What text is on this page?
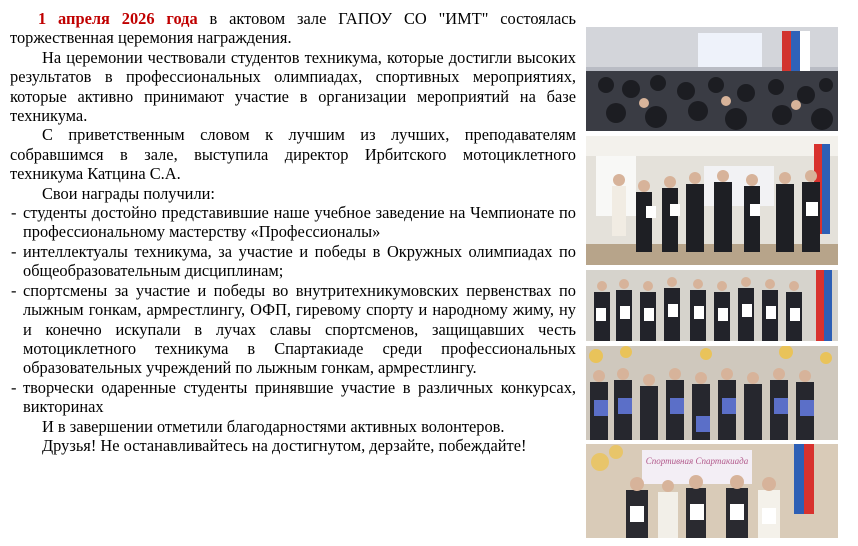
1 апреля 2026 года в актовом зале ГАПОУ СО "ИМТ" состоялась торжественная церемония награждения.

На церемонии чествовали студентов техникума, которые достигли высоких результатов в профессиональных олимпиадах, спортивных мероприятиях, которые активно принимают участие в организации мероприятий на базе техникума.

С приветственным словом к лучшим из лучших, преподавателям собравшимся в зале, выступила директор Ирбитского мотоциклетного техникума Катцина С.А.

Свои награды получили:

- студенты достойно представившие наше учебное заведение на Чемпионате по профессиональному мастерству «Профессионалы»
- интеллектуалы техникума, за участие и победы в Окружных олимпиадах по общеобразовательным дисциплинам;
- спортсмены за участие и победы во внутритехникумовских первенствах по лыжным гонкам, армрестлингу, ОФП, гиревому спорту и народному жиму, ну и конечно искупали в лучах славы спортсменов, защищавших честь мотоциклетного техникума в Спартакиаде среди профессиональных образовательных учреждений по лыжным гонкам, армрестлингу.
- творчески одаренные студенты принявшие участие в различных конкурсах, викторинах

И в завершении отметили благодарностями активных волонтеров.

Друзья! Не останавливайтесь на достигнутом, дерзайте, побеждайте!

Спортивная Спартакиада
